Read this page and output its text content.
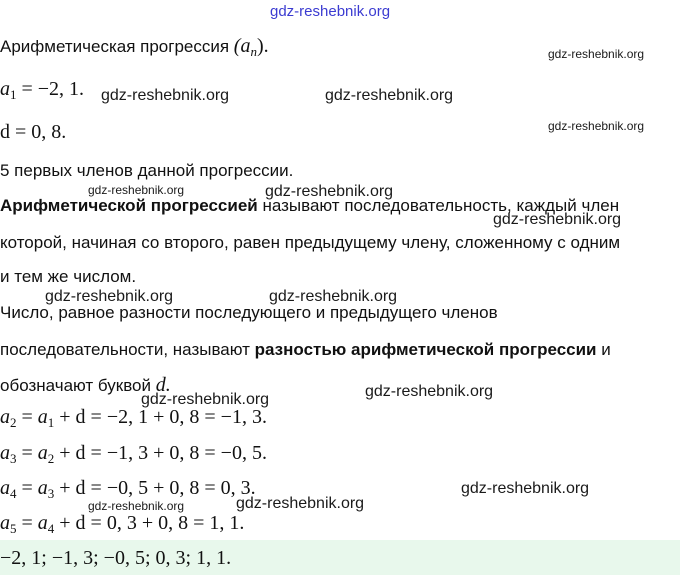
gdz-reshebnik.org
Арифметическая прогрессия $(a_n)$.
$a_1 = -2$, 1.
d = 0, 8.
5 первых членов данной прогрессии.
Арифметической прогрессией называют последовательность, каждый член
которой, начиная со второго, равен предыдущему члену, сложенному с одним
и тем же числом.
Число, равное разности последующего и предыдущего членов
последовательности, называют разностью арифметической прогрессии и
обозначают буквой d.
$a_2 = a_1 + d = -2$, 1 + 0, 8 = −1, 3.
$a_3 = a_2 + d = -1$, 3 + 0, 8 = −0, 5.
$a_4 = a_3 + d = -0$, 5 + 0, 8 = 0, 3.
$a_5 = a_4 + d = 0$, 3 + 0, 8 = 1, 1.
−2, 1; −1, 3; −0, 5; 0, 3; 1, 1.
gdz-reshebnik.org
gdz-reshebnik.org	gdz-reshebnik.org
gdz-reshebnik.org
gdz-reshebnik.org	gdz-reshebnik.org
gdz-reshebnik.org
gdz-reshebnik.org	gdz-reshebnik.org
gdz-reshebnik.org
gdz-reshebnik.org
gdz-reshebnik.org
gdz-reshebnik.org
gdz-reshebnik.org
